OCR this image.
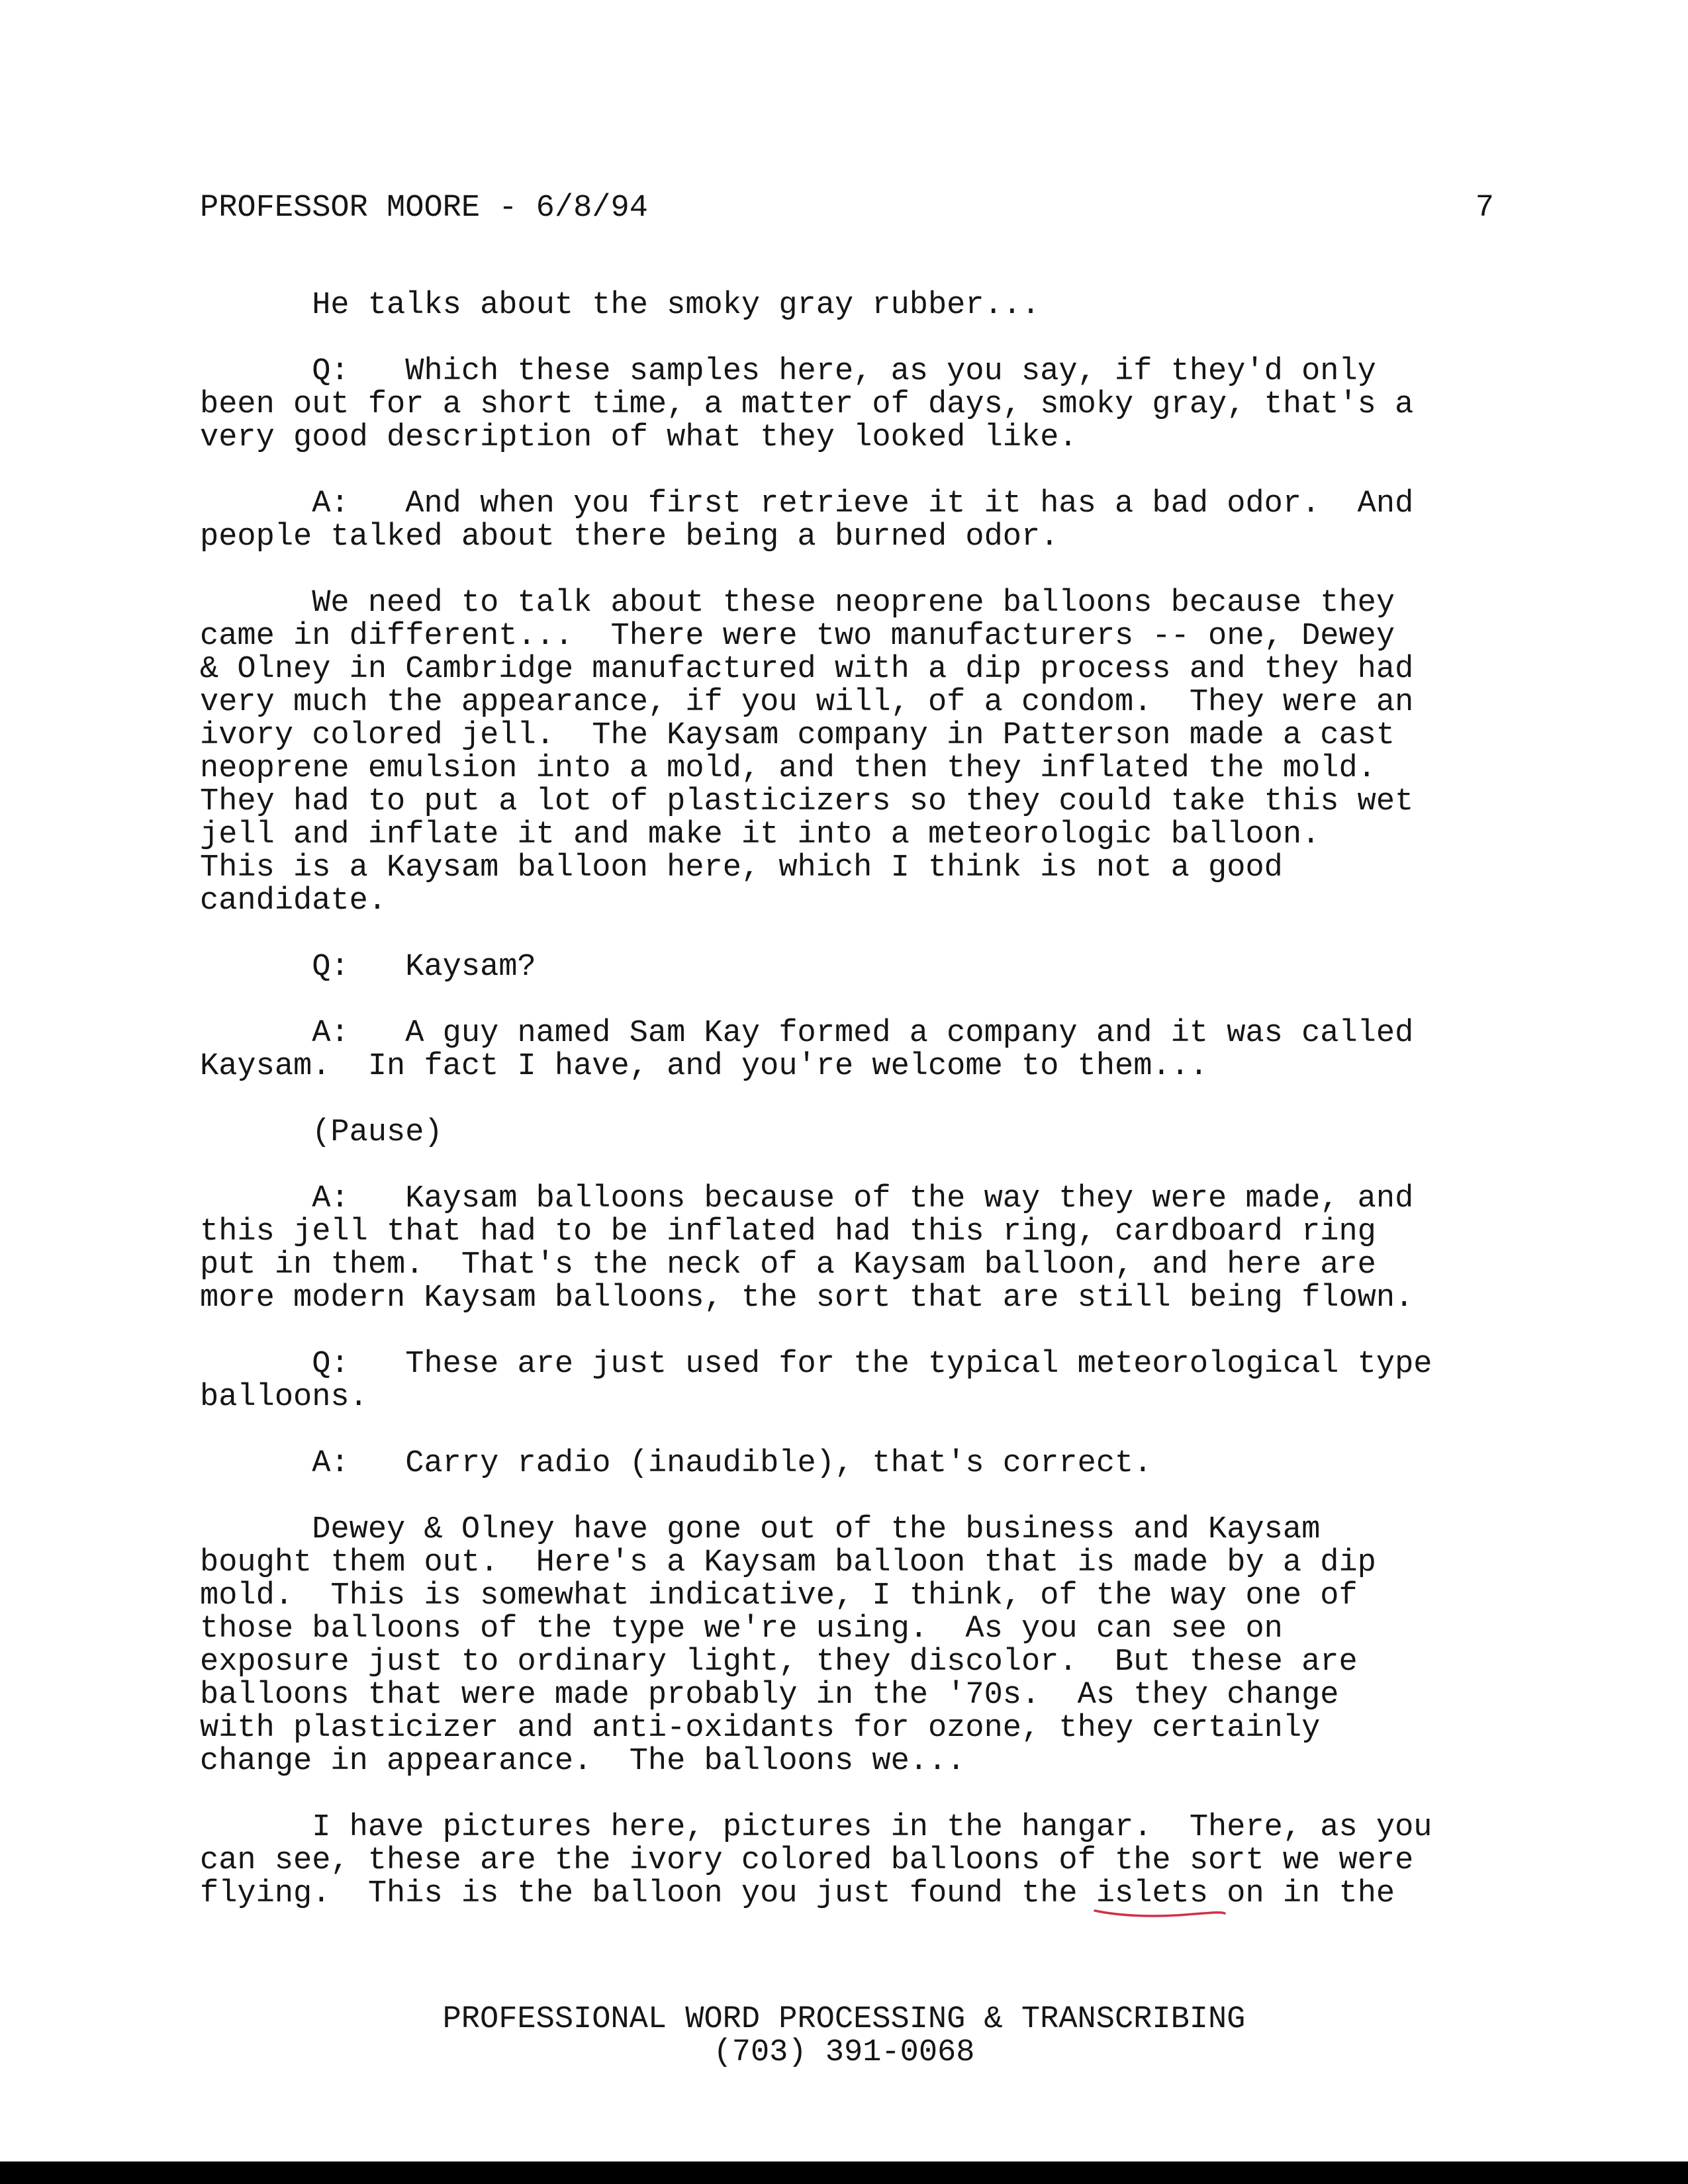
PROFESSOR MOORE - 6/8/94	7

He talks about the smoky gray rubber...

Q:   Which these samples here, as you say, if they'd only
been out for a short time, a matter of days, smoky gray, that's a
very good description of what they looked like.

A:   And when you first retrieve it it has a bad odor.  And
people talked about there being a burned odor.

We need to talk about these neoprene balloons because they
came in different...  There were two manufacturers -- one, Dewey
& Olney in Cambridge manufactured with a dip process and they had
very much the appearance, if you will, of a condom.  They were an
ivory colored jell.  The Kaysam company in Patterson made a cast
neoprene emulsion into a mold, and then they inflated the mold.
They had to put a lot of plasticizers so they could take this wet
jell and inflate it and make it into a meteorologic balloon.
This is a Kaysam balloon here, which I think is not a good
candidate.

Q:   Kaysam?

A:   A guy named Sam Kay formed a company and it was called
Kaysam.  In fact I have, and you're welcome to them...

(Pause)

A:   Kaysam balloons because of the way they were made, and
this jell that had to be inflated had this ring, cardboard ring
put in them.  That's the neck of a Kaysam balloon, and here are
more modern Kaysam balloons, the sort that are still being flown.

Q:   These are just used for the typical meteorological type
balloons.

A:   Carry radio (inaudible), that's correct.

Dewey & Olney have gone out of the business and Kaysam
bought them out.  Here's a Kaysam balloon that is made by a dip
mold.  This is somewhat indicative, I think, of the way one of
those balloons of the type we're using.  As you can see on
exposure just to ordinary light, they discolor.  But these are
balloons that were made probably in the '70s.  As they change
with plasticizer and anti-oxidants for ozone, they certainly
change in appearance.  The balloons we...

I have pictures here, pictures in the hangar.  There, as you
can see, these are the ivory colored balloons of the sort we were
flying.  This is the balloon you just found the islets
on in the

PROFESSIONAL WORD PROCESSING & TRANSCRIBING
(703) 391-0068
